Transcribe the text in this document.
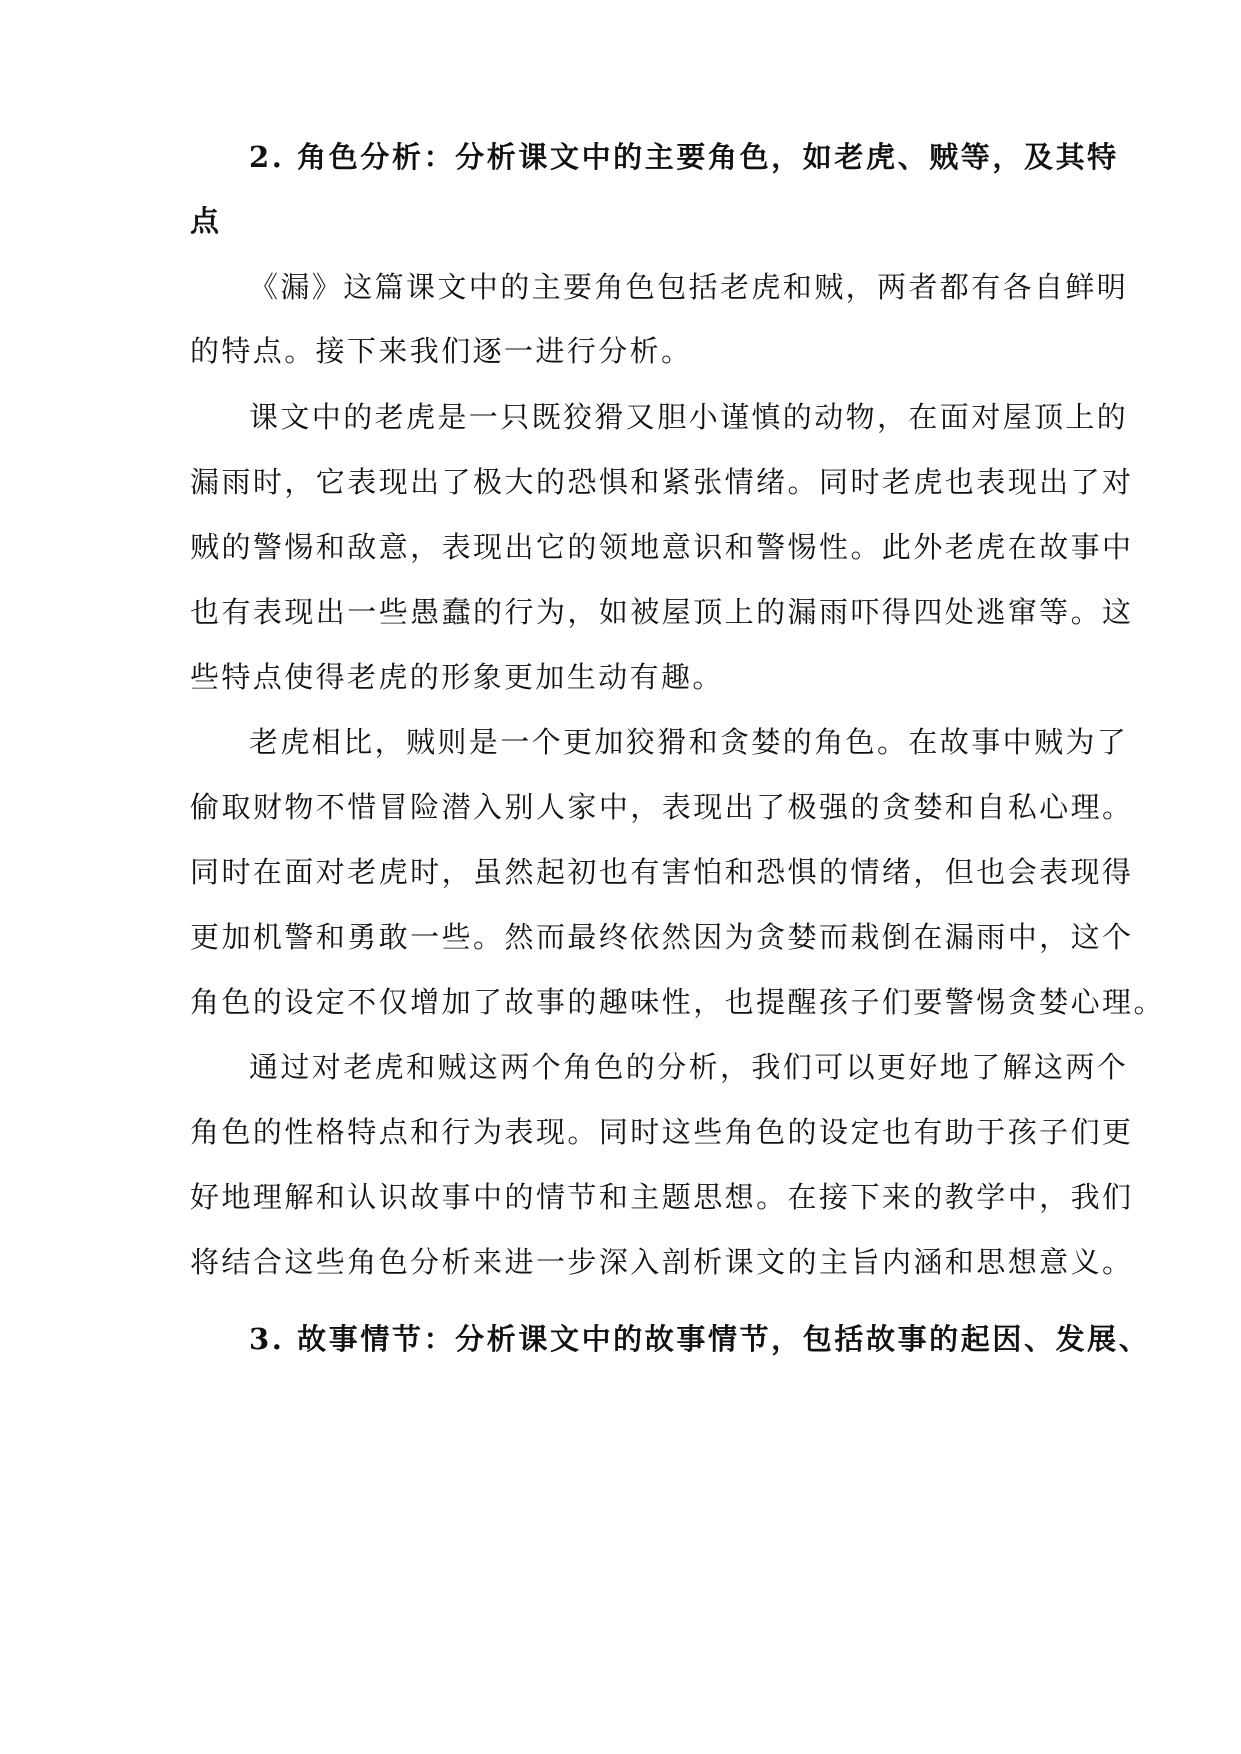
2. 角色分析：分析课文中的主要角色，如老虎、贼等，及其特
点
《漏》这篇课文中的主要角色包括老虎和贼，两者都有各自鲜明
的特点。接下来我们逐一进行分析。
课文中的老虎是一只既狡猾又胆小谨慎的动物，在面对屋顶上的
漏雨时，它表现出了极大的恐惧和紧张情绪。同时老虎也表现出了对
贼的警惕和敌意，表现出它的领地意识和警惕性。此外老虎在故事中
也有表现出一些愚蠢的行为，如被屋顶上的漏雨吓得四处逃窜等。这
些特点使得老虎的形象更加生动有趣。
老虎相比，贼则是一个更加狡猾和贪婪的角色。在故事中贼为了
偷取财物不惜冒险潜入别人家中，表现出了极强的贪婪和自私心理。
同时在面对老虎时，虽然起初也有害怕和恐惧的情绪，但也会表现得
更加机警和勇敢一些。然而最终依然因为贪婪而栽倒在漏雨中，这个
角色的设定不仅增加了故事的趣味性，也提醒孩子们要警惕贪婪心理。
通过对老虎和贼这两个角色的分析，我们可以更好地了解这两个
角色的性格特点和行为表现。同时这些角色的设定也有助于孩子们更
好地理解和认识故事中的情节和主题思想。在接下来的教学中，我们
将结合这些角色分析来进一步深入剖析课文的主旨内涵和思想意义。
3. 故事情节：分析课文中的故事情节，包括故事的起因、发展、
